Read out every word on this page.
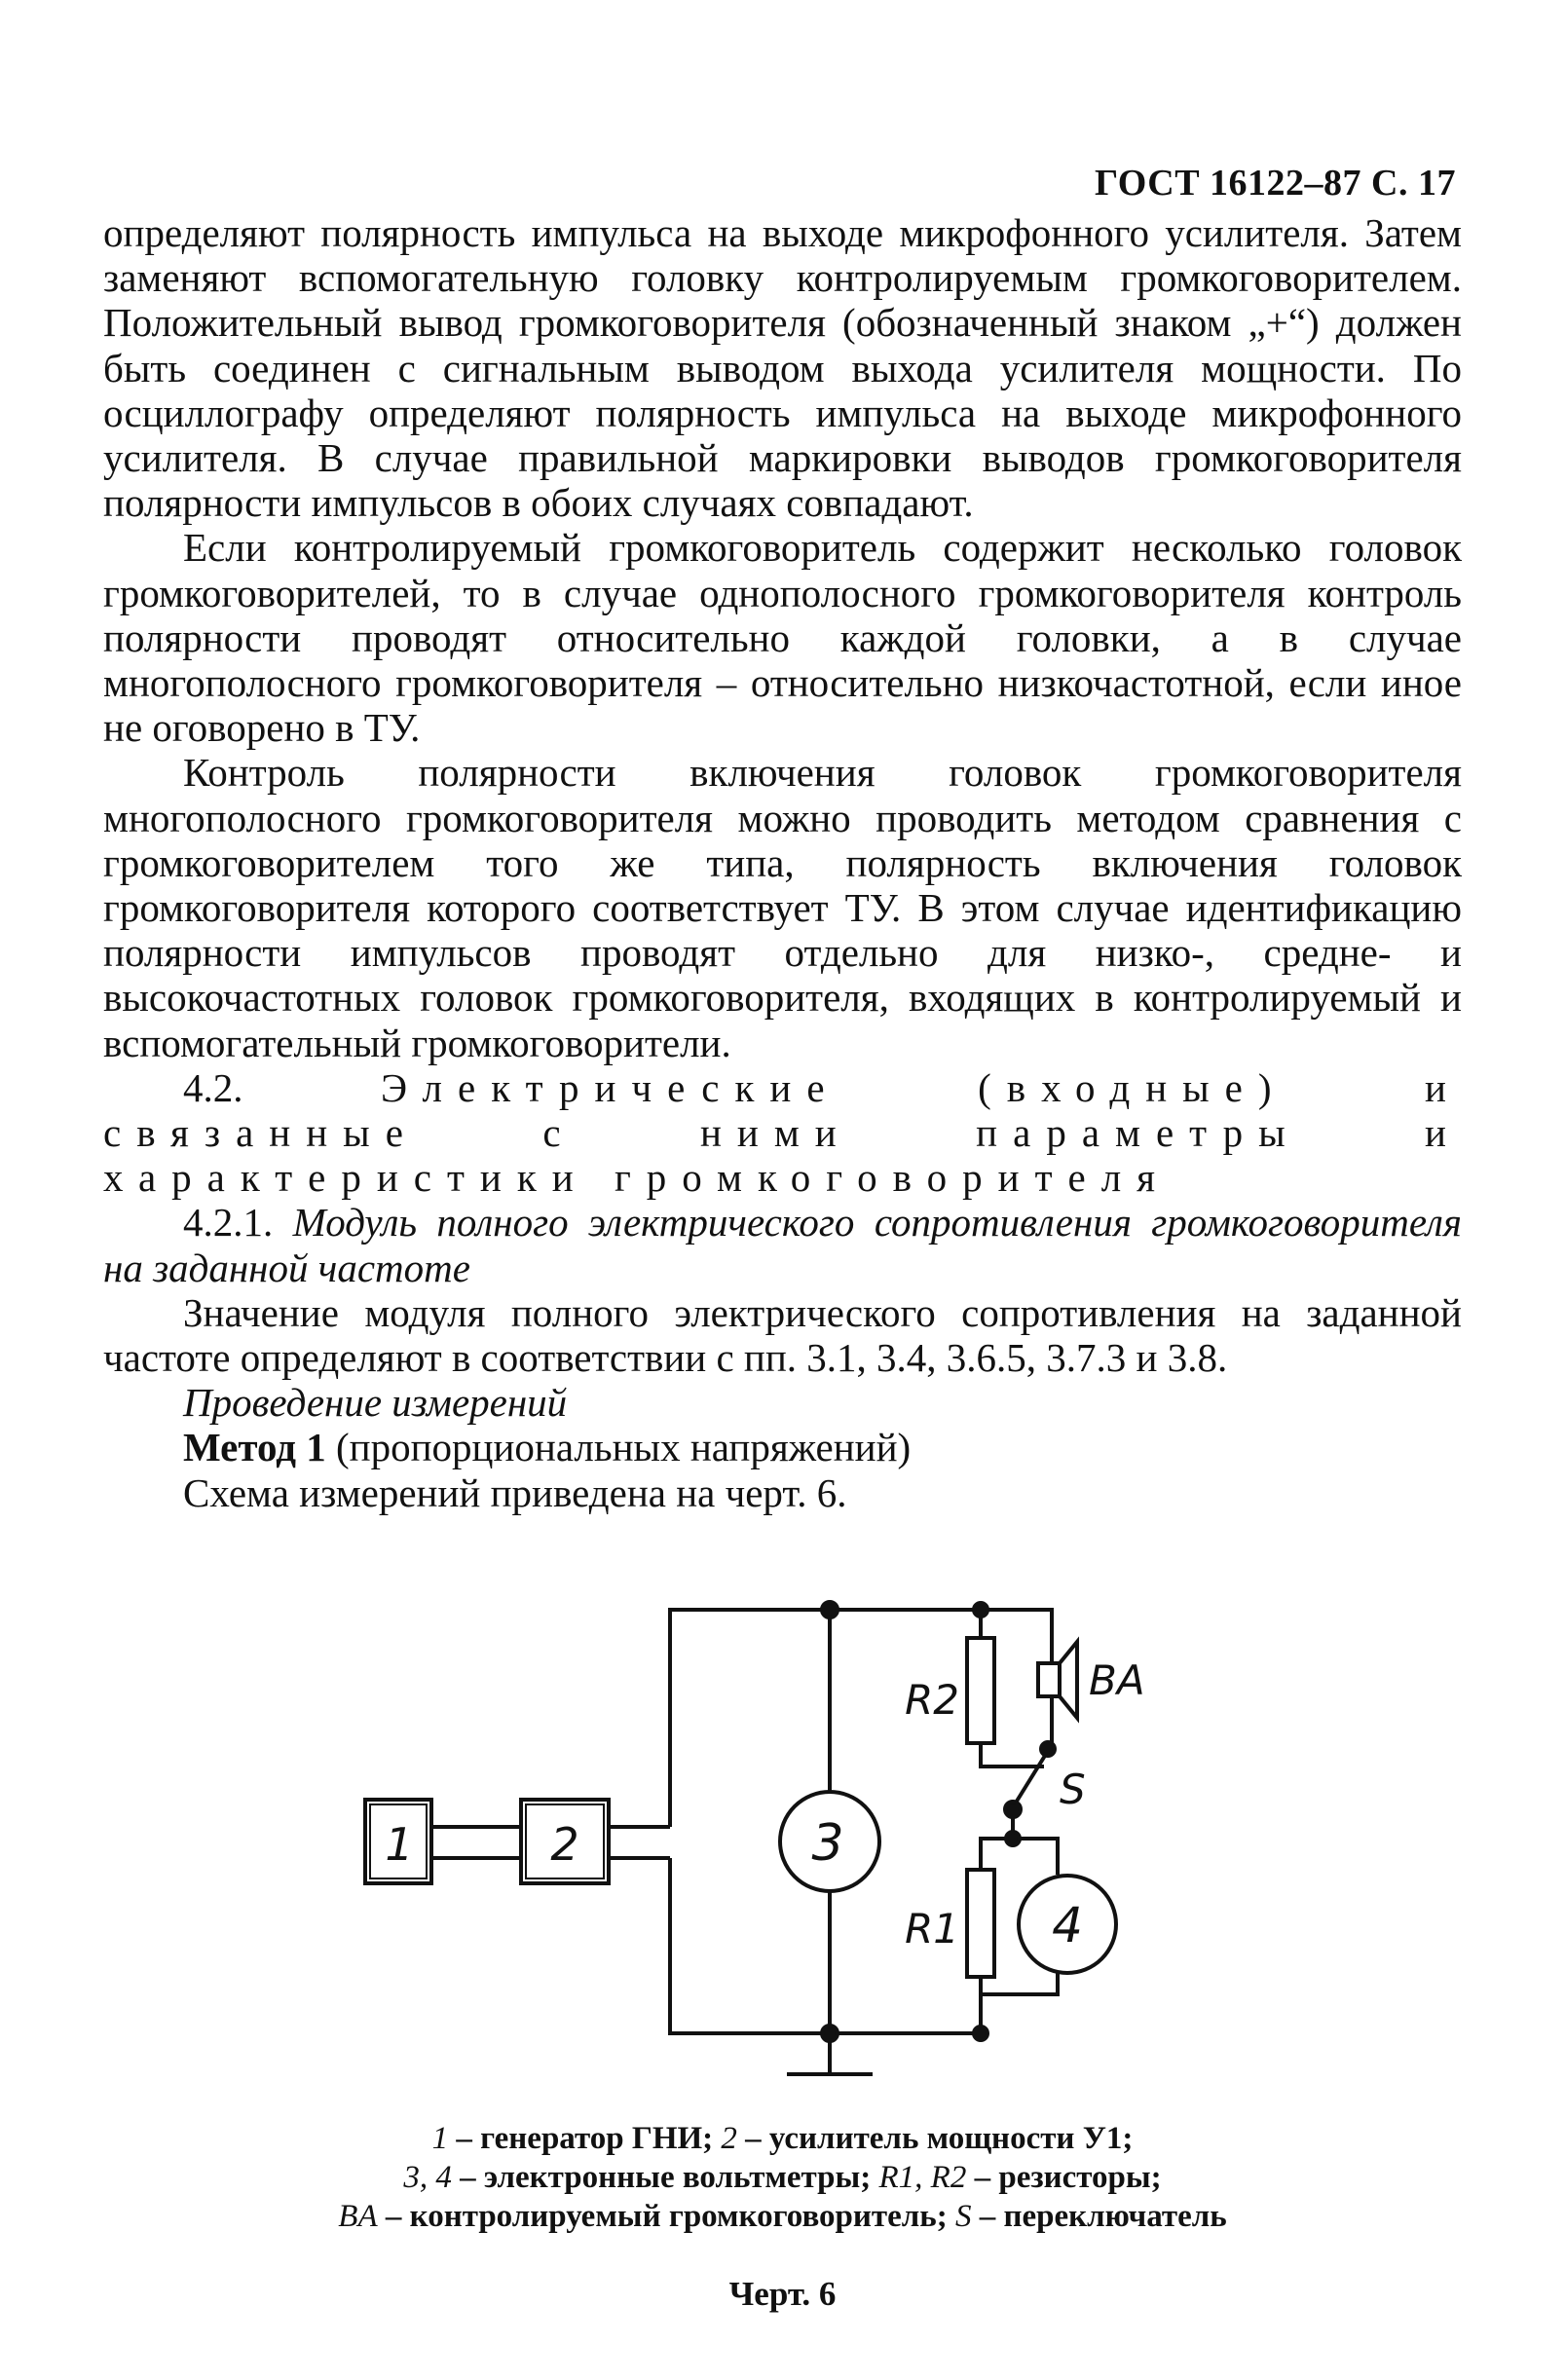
ГОСТ 16122–87 С. 17

определяют полярность импульса на выходе микрофонного усилителя. Затем заменяют вспомогательную головку контролируемым громкоговорителем. Положительный вывод громкоговорителя (обозначенный знаком „+“) должен быть соединен с сигнальным выводом выхода усилителя мощности. По осциллографу определяют полярность импульса на выходе микрофонного усилителя. В случае правильной маркировки выводов громкоговорителя полярности импульсов в обоих случаях совпадают.

Если контролируемый громкоговоритель содержит несколько головок громкоговорителей, то в случае однополосного громкоговорителя контроль полярности проводят относительно каждой головки, а в случае многополосного громкоговорителя – относительно низкочастотной, если иное не оговорено в ТУ.

Контроль полярности включения головок громкоговорителя многополосного громкоговорителя можно проводить методом сравнения с громкоговорителем того же типа, полярность включения головок громкоговорителя которого соответствует ТУ. В этом случае идентификацию полярности импульсов проводят отдельно для низко-, средне- и высокочастотных головок громкоговорителя, входящих в контролируемый и вспомогательный громкоговорители.

4.2.	Электрические (входные) и связанные с ними параметры и характеристики громкоговорителя

4.2.1. Модуль полного электрического сопротивления громкоговорителя на заданной частоте

Значение модуля полного электрического сопротивления на заданной частоте определяют в соответствии с пп. 3.1, 3.4, 3.6.5, 3.7.3 и 3.8.

Проведение измерений

Метод 1 (пропорциональных напряжений)

Схема измерений приведена на черт. 6.

1	2	3
R2	BA
S
R1 4
1 – генератор ГНИ; 2 – усилитель мощности У1;
3, 4 – электронные вольтметры; R1, R2 – резисторы;
BA – контролируемый громкоговоритель; S – переключатель
Черт. 6
